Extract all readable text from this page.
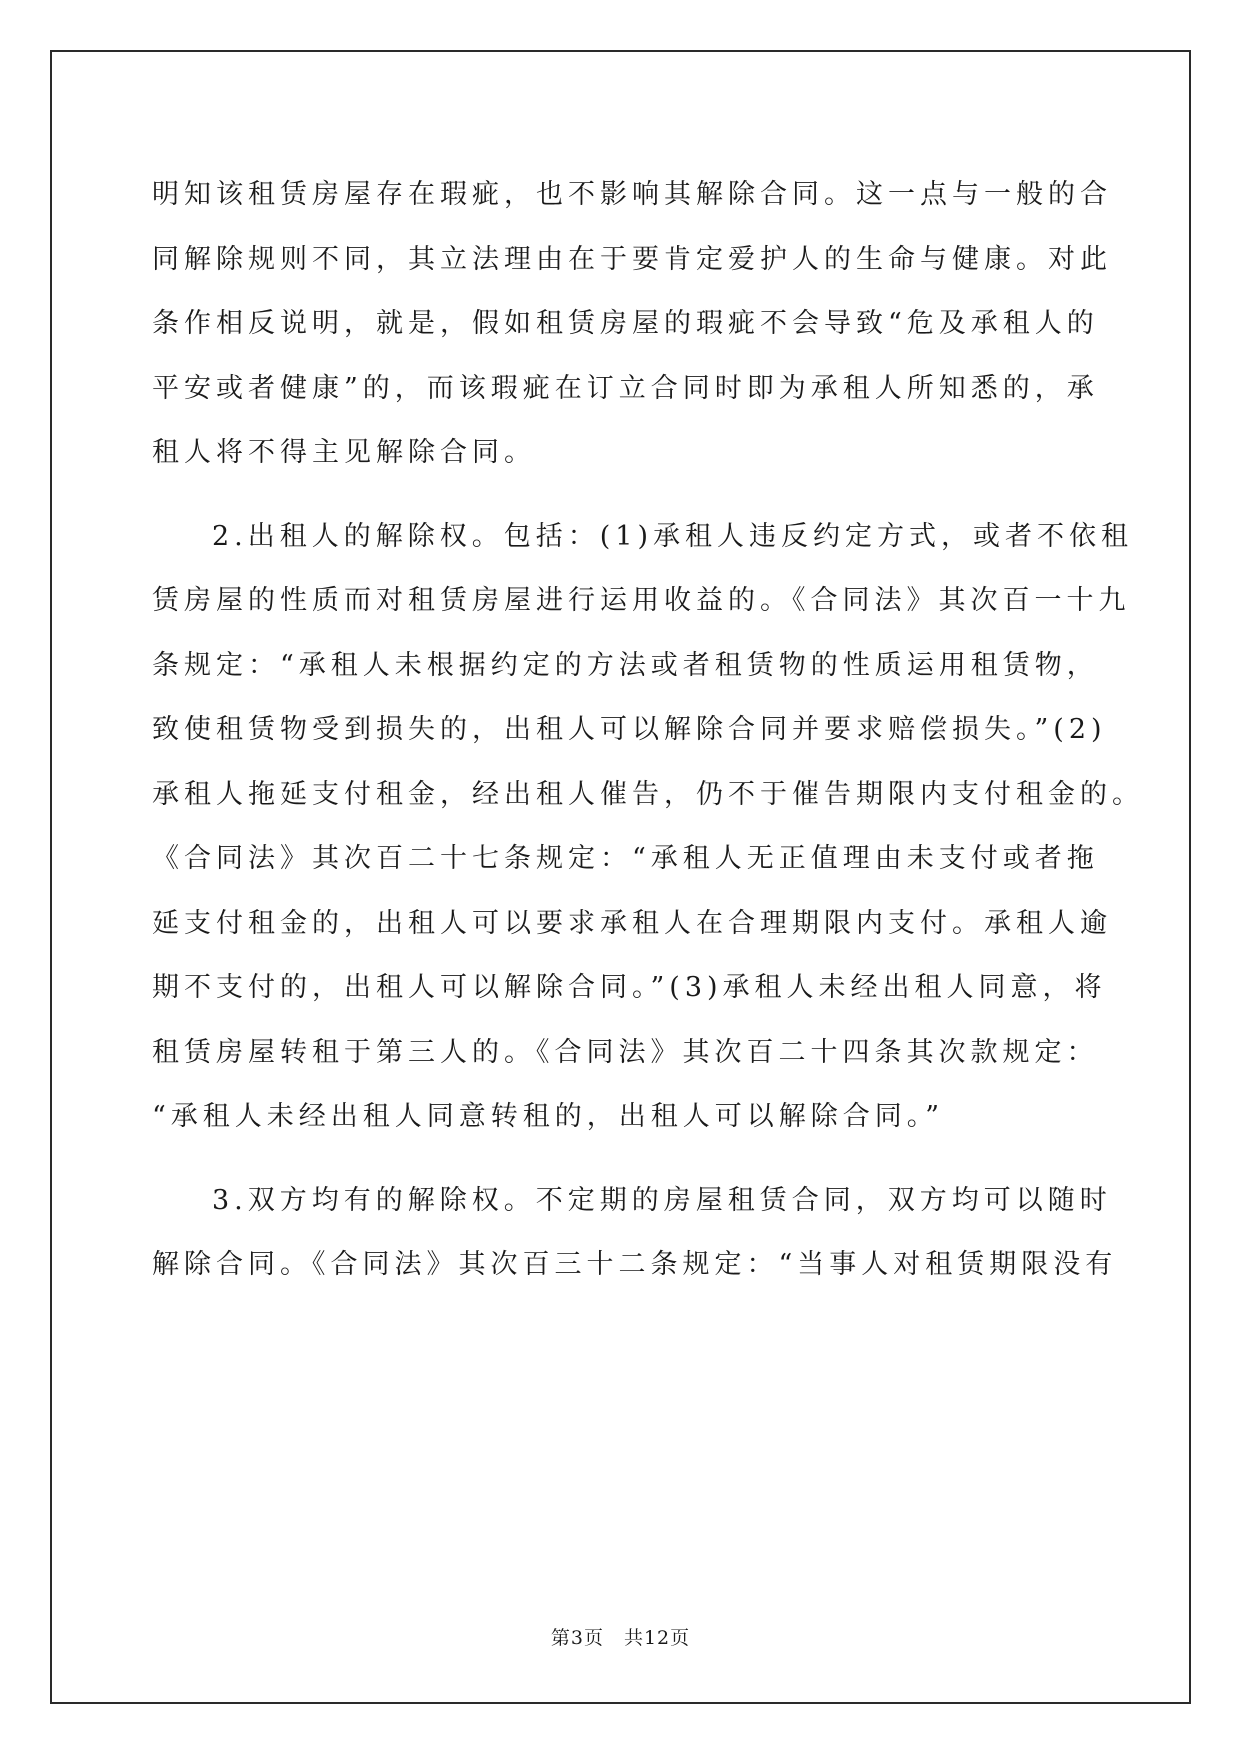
明知该租赁房屋存在瑕疵，也不影响其解除合同。这一点与一般的合
同解除规则不同，其立法理由在于要肯定爱护人的生命与健康。对此
条作相反说明，就是，假如租赁房屋的瑕疵不会导致“危及承租人的
平安或者健康”的，而该瑕疵在订立合同时即为承租人所知悉的，承
租人将不得主见解除合同。
2.出租人的解除权。包括：(1)承租人违反约定方式，或者不依租
赁房屋的性质而对租赁房屋进行运用收益的。《合同法》其次百一十九
条规定：“承租人未根据约定的方法或者租赁物的性质运用租赁物，
致使租赁物受到损失的，出租人可以解除合同并要求赔偿损失。”(2)
承租人拖延支付租金，经出租人催告，仍不于催告期限内支付租金的。
《合同法》其次百二十七条规定：“承租人无正值理由未支付或者拖
延支付租金的，出租人可以要求承租人在合理期限内支付。承租人逾
期不支付的，出租人可以解除合同。”(3)承租人未经出租人同意，将
租赁房屋转租于第三人的。《合同法》其次百二十四条其次款规定：
“承租人未经出租人同意转租的，出租人可以解除合同。”
3.双方均有的解除权。不定期的房屋租赁合同，双方均可以随时
解除合同。《合同法》其次百三十二条规定：“当事人对租赁期限没有
第3页　共12页
